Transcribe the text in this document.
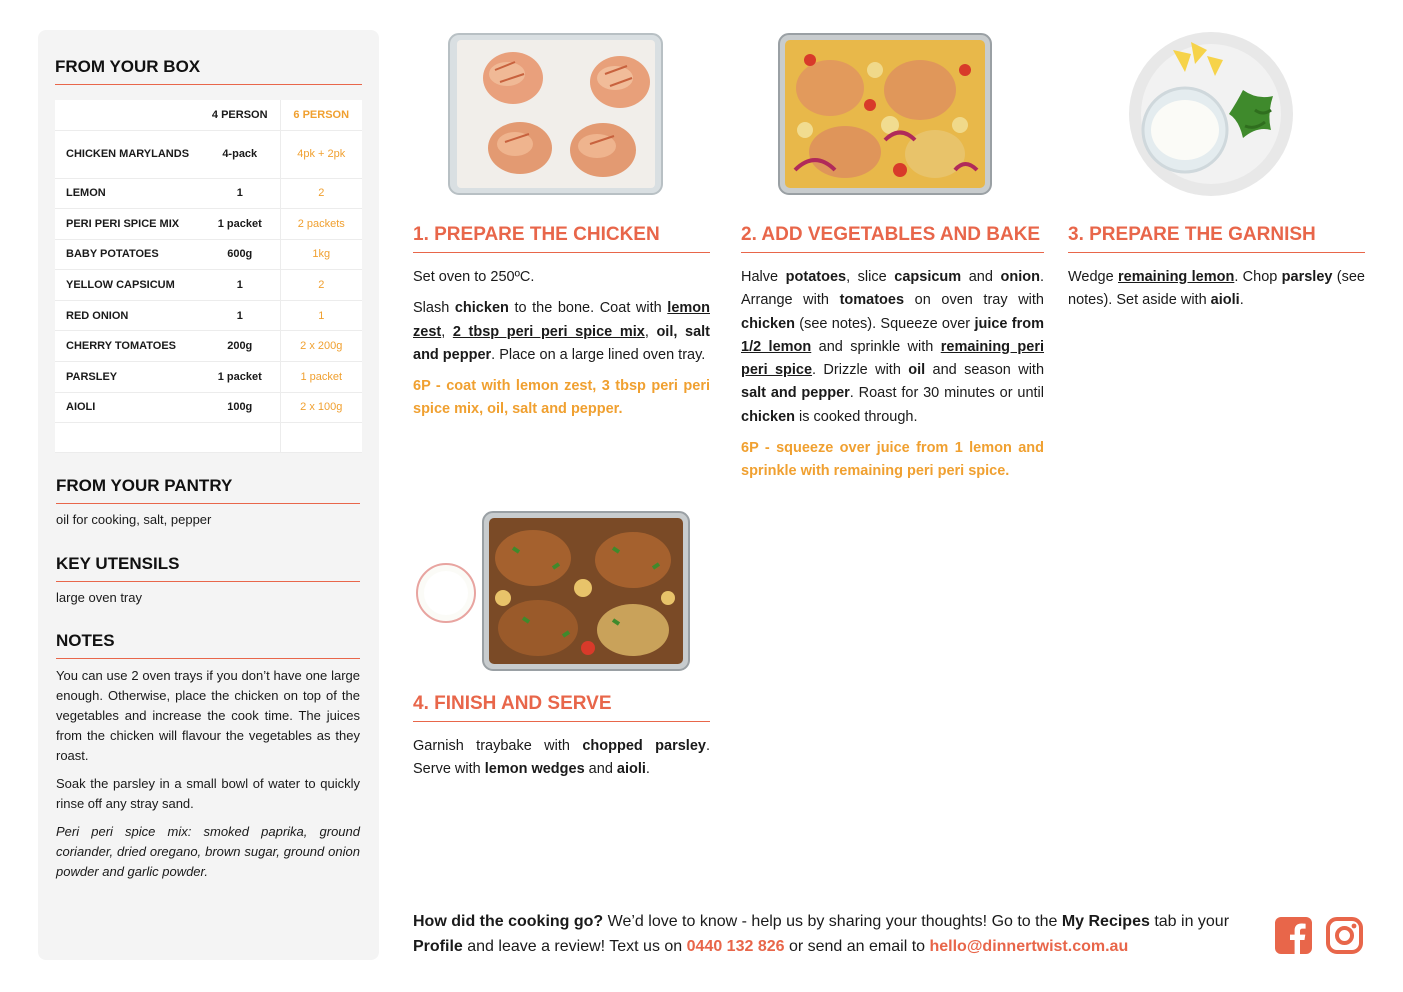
FROM YOUR BOX
	4 PERSON	6 PERSON
CHICKEN MARYLANDS	4-pack	4pk + 2pk
LEMON	1	2
PERI PERI SPICE MIX	1 packet	2 packets
BABY POTATOES	600g	1kg
YELLOW CAPSICUM	1	2
RED ONION	1	1
CHERRY TOMATOES	200g	2 x 200g
PARSLEY	1 packet	1 packet
AIOLI	100g	2 x 100g

FROM YOUR PANTRY
oil for cooking, salt, pepper
KEY UTENSILS
large oven tray
NOTES

You can use 2 oven trays if you don’t have one large enough. Otherwise, place the chicken on top of the vegetables and increase the cook time. The juices from the chicken will flavour the vegetables as they roast.

Soak the parsley in a small bowl of water to quickly rinse off any stray sand.

Peri peri spice mix: smoked paprika, ground coriander, dried oregano, brown sugar, ground onion powder and garlic powder.

1. PREPARE THE CHICKEN

Set oven to 250ºC.

Slash chicken to the bone. Coat with lemon zest, 2 tbsp peri peri spice mix, oil, salt and pepper. Place on a large lined oven tray.

6P - coat with lemon zest, 3 tbsp peri peri spice mix, oil, salt and pepper.

2. ADD VEGETABLES AND BAKE

Halve potatoes, slice capsicum and onion. Arrange with tomatoes on oven tray with chicken (see notes). Squeeze over juice from 1/2 lemon and sprinkle with remaining peri peri spice. Drizzle with oil and season with salt and pepper. Roast for 30 minutes or until chicken is cooked through.

6P - squeeze over juice from 1 lemon and sprinkle with remaining peri peri spice.

3. PREPARE THE GARNISH

Wedge remaining lemon. Chop parsley (see notes). Set aside with aioli.

4. FINISH AND SERVE

Garnish traybake with chopped parsley. Serve with lemon wedges and aioli.

How did the cooking go? We’d love to know - help us by sharing your thoughts! Go to the My Recipes tab in your Profile and leave a review! Text us on 0440 132 826 or send an email to hello@dinnertwist.com.au
